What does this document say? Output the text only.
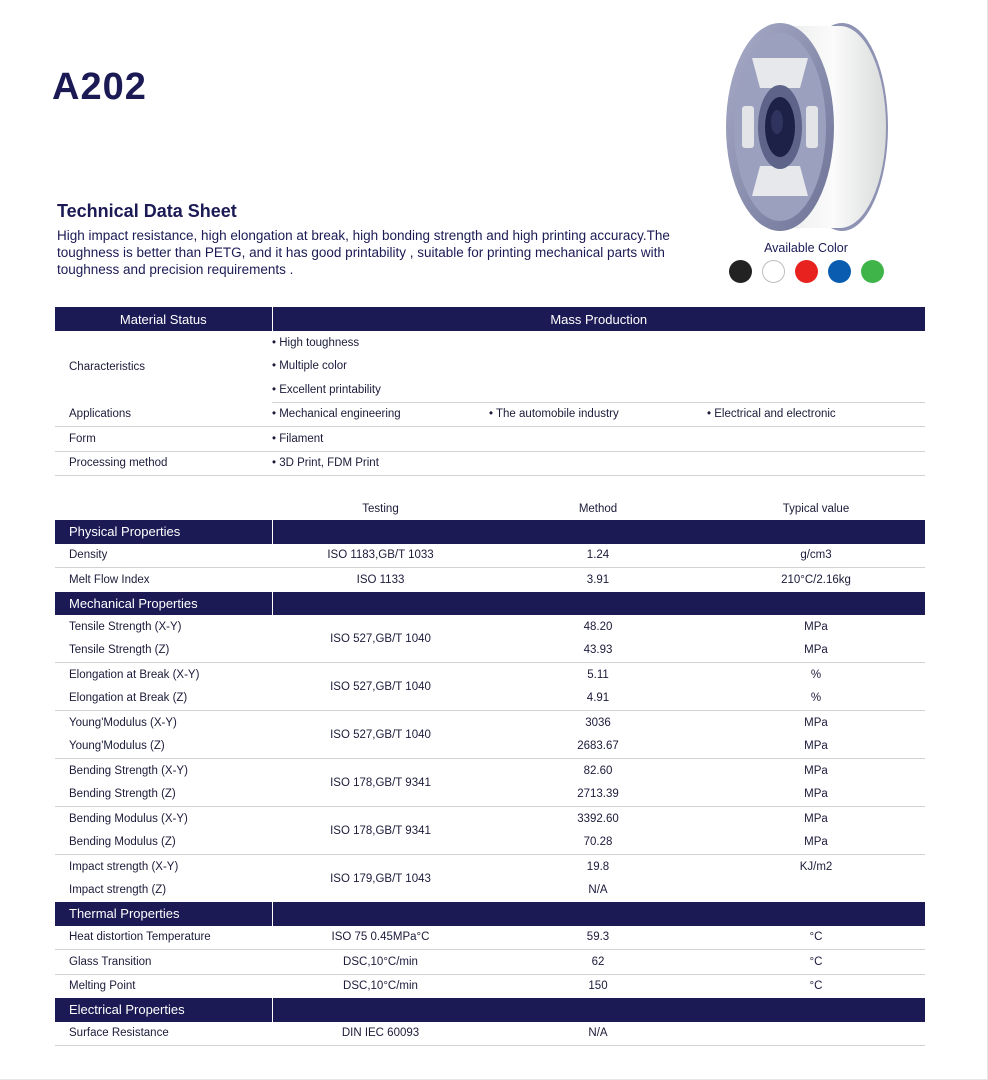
A202
Technical Data Sheet

High impact resistance, high elongation at break, high bonding strength and high printing accuracy.The toughness is better than PETG, and it has good printability , suitable for printing mechanical parts with toughness and precision requirements .

Available Color
Material Status	Mass Production		
Characteristics	• High toughness		
	• Multiple color		
	• Excellent printability		
Applications	• Mechanical engineering	• The automobile industry	• Electrical and electronic
Form	• Filament		
Processing method	• 3D Print, FDM Print		
	Testing	Method	Typical value
Physical Properties			
Density	ISO 1183,GB/T 1033	1.24	g/cm3
Melt Flow Index	ISO 1133	3.91	210°C/2.16kg
Mechanical Properties			
Tensile Strength (X-Y)	ISO 527,GB/T 1040	48.20	MPa
Tensile Strength (Z)		43.93	MPa
Elongation at Break (X-Y)	ISO 527,GB/T 1040	5.11	%
Elongation at Break (Z)		4.91	%
Young'Modulus (X-Y)	ISO 527,GB/T 1040	3036	MPa
Young'Modulus (Z)		2683.67	MPa
Bending Strength (X-Y)	ISO 178,GB/T 9341	82.60	MPa
Bending Strength (Z)		2713.39	MPa
Bending Modulus (X-Y)	ISO 178,GB/T 9341	3392.60	MPa
Bending Modulus (Z)		70.28	MPa
Impact strength (X-Y)	ISO 179,GB/T 1043	19.8	KJ/m2
Impact strength (Z)		N/A	
Thermal Properties			
Heat distortion Temperature	ISO 75 0.45MPa°C	59.3	°C
Glass Transition	DSC,10°C/min	62	°C
Melting Point	DSC,10°C/min	150	°C
Electrical Properties			
Surface Resistance	DIN IEC 60093	N/A	
